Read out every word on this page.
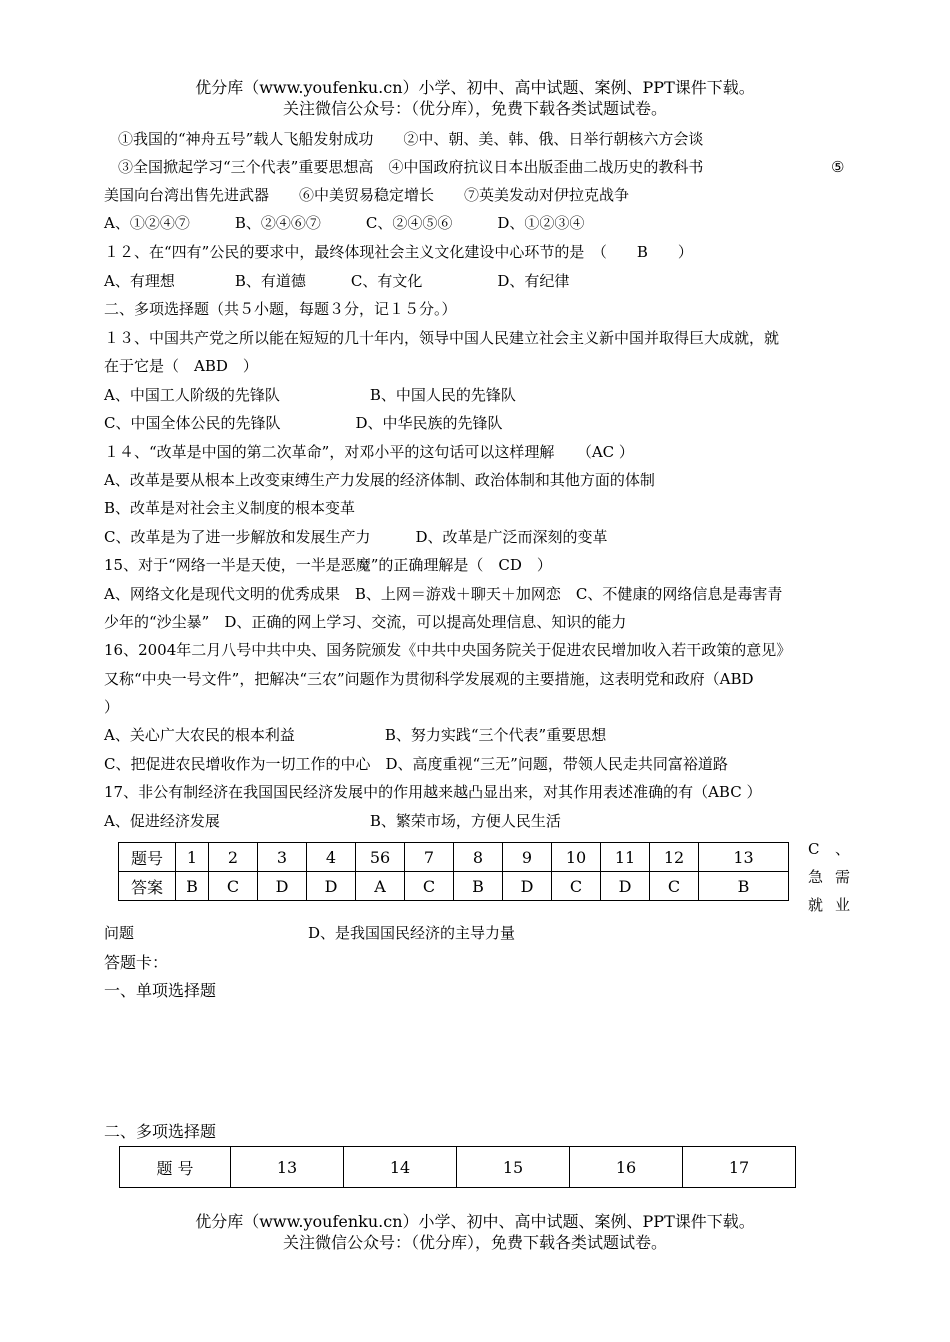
优分库（www.youfenku.cn）小学、初中、高中试题、案例、PPT课件下载。
关注微信公众号：（优分库），免费下载各类试题试卷。
①我国的“神舟五号”载人飞船发射成功　　②中、朝、美、韩、俄、日举行朝核六方会谈
③全国掀起学习“三个代表”重要思想高　④中国政府抗议日本出版歪曲二战历史的教科书	⑤
美国向台湾出售先进武器　　⑥中美贸易稳定增长　　⑦英美发动对伊拉克战争
A、①②④⑦　　　B、②④⑥⑦　　　C、②④⑤⑥　　　D、①②③④
１２、在“四有”公民的要求中，最终体现社会主义文化建设中心环节的是　（　　B　　）
A、有理想　　　　B、有道德　　　C、有文化　　　　　D、有纪律
二、多项选择题（共５小题，每题３分，记１５分。）
１３、中国共产党之所以能在短短的几十年内，领导中国人民建立社会主义新中国并取得巨大成就，就
在于它是（　ABD　）
A、中国工人阶级的先锋队　　　　　　B、中国人民的先锋队
C、中国全体公民的先锋队　　　　　D、中华民族的先锋队
１４、“改革是中国的第二次革命”，对邓小平的这句话可以这样理解　　（AC ）
A、改革是要从根本上改变束缚生产力发展的经济体制、政治体制和其他方面的体制
B、改革是对社会主义制度的根本变革
C、改革是为了进一步解放和发展生产力　　　D、改革是广泛而深刻的变革
15、对于“网络一半是天使，一半是恶魔”的正确理解是（　CD　）
A、网络文化是现代文明的优秀成果　B、上网＝游戏＋聊天＋加网恋　C、不健康的网络信息是毒害青
少年的“沙尘暴”　D、正确的网上学习、交流，可以提高处理信息、知识的能力
16、2004年二月八号中共中央、国务院颁发《中共中央国务院关于促进农民增加收入若干政策的意见》
又称“中央一号文件”，把解决“三农”问题作为贯彻科学发展观的主要措施，这表明党和政府（ABD
）
A、关心广大农民的根本利益　　　　　　B、努力实践“三个代表”重要思想
C、把促进农民增收作为一切工作的中心　D、高度重视“三无”问题，带领人民走共同富裕道路
17、非公有制经济在我国国民经济发展中的作用越来越凸显出来，对其作用表述准确的有（ABC ）
A、促进经济发展　　　　　　　　　　B、繁荣市场，方便人民生活
题号	1	2	3	4	56	7	8	9	10	11	12	13
答案	B	C	D	D	A	C	B	D	C	D	C	B
C、
急需
就业
问题	D、是我国国民经济的主导力量
答题卡：
一、单项选择题
二、多项选择题
题 号	13	14	15	16	17
优分库（www.youfenku.cn）小学、初中、高中试题、案例、PPT课件下载。
关注微信公众号：（优分库），免费下载各类试题试卷。
